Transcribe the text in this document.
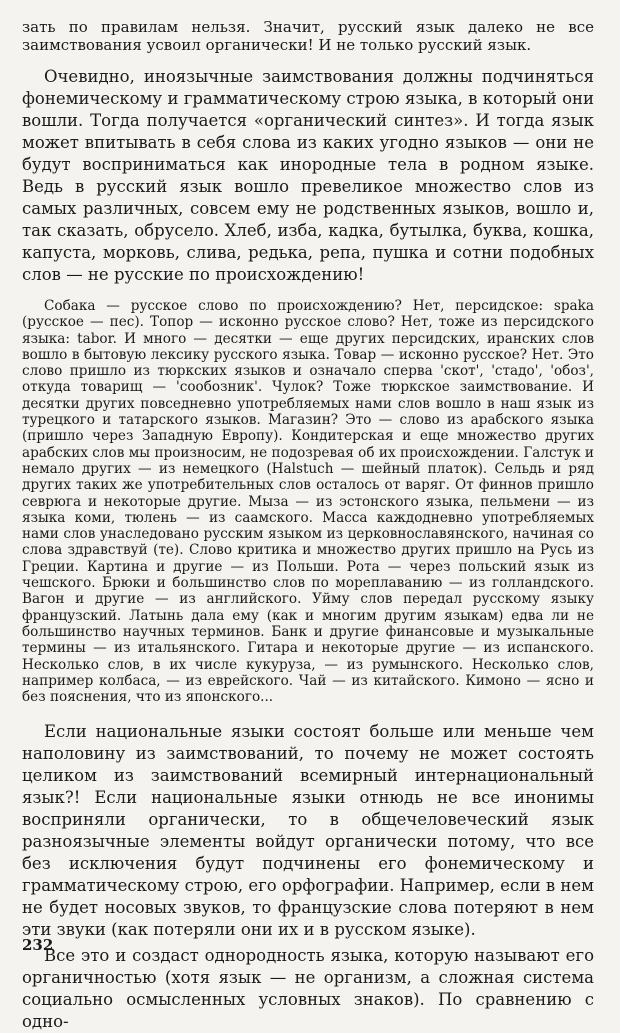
зать по правилам нельзя. Значит, русский язык далеко не все заимствования усвоил органически! И не только русский язык.

Очевидно, иноязычные заимствования должны подчиняться фонемическому и грамматическому строю языка, в который они вошли. Тогда получается «органический синтез». И тогда язык может впитывать в себя слова из каких угодно языков — они не будут восприниматься как инородные тела в родном языке. Ведь в русский язык вошло превеликое множество слов из самых различных, совсем ему не родственных языков, вошло и, так сказать, обрусело. Хлеб, изба, кадка, бутылка, буква, кошка, капуста, морковь, слива, редька, репа, пушка и сотни подобных слов — не русские по происхождению!

Собака — русское слово по происхождению? Нет, персидское: spaka (русское — пес). Топор — исконно русское слово? Нет, тоже из персидского языка: tabor. И много — десятки — еще других персидских, иранских слов вошло в бытовую лексику русского языка. Товар — исконно русское? Нет. Это слово пришло из тюркских языков и означало сперва 'скот', 'стадо', 'обоз', откуда товарищ — 'сообозник'. Чулок? Тоже тюркское заимствование. И десятки других повседневно употребляемых нами слов вошло в наш язык из турецкого и татарского языков. Магазин? Это — слово из арабского языка (пришло через Западную Европу). Кондитерская и еще множество других арабских слов мы произносим, не подозревая об их происхождении. Галстук и немало других — из немецкого (Halstuch — шейный платок). Сельдь и ряд других таких же употребительных слов осталось от варяг. От финнов пришло севрюга и некоторые другие. Мыза — из эстонского языка, пельмени — из языка коми, тюлень — из саамского. Масса каждодневно употребляемых нами слов унаследовано русским языком из церковнославянского, начиная со слова здравствуй (те). Слово критика и множество других пришло на Русь из Греции. Картина и другие — из Польши. Рота — через польский язык из чешского. Брюки и большинство слов по мореплаванию — из голландского. Вагон и другие — из английского. Уйму слов передал русскому языку французский. Латынь дала ему (как и многим другим языкам) едва ли не большинство научных терминов. Банк и другие финансовые и музыкальные термины — из итальянского. Гитара и некоторые другие — из испанского. Несколько слов, в их числе кукуруза, — из румынского. Несколько слов, например колбаса, — из еврейского. Чай — из китайского. Кимоно — ясно и без пояснения, что из японского...

Если национальные языки состоят больше или меньше чем наполовину из заимствований, то почему не может состоять целиком из заимствований всемирный интернациональный язык?! Если национальные языки отнюдь не все инонимы восприняли органически, то в общечеловеческий язык разноязычные элементы войдут органически потому, что все без исключения будут подчинены его фонемическому и грамматическому строю, его орфографии. Например, если в нем не будет носовых звуков, то французские слова потеряют в нем эти звуки (как потеряли они их и в русском языке).

Все это и создаст однородность языка, которую называют его органичностью (хотя язык — не организм, а сложная система социально осмысленных условных знаков). По сравнению с одно-

232
